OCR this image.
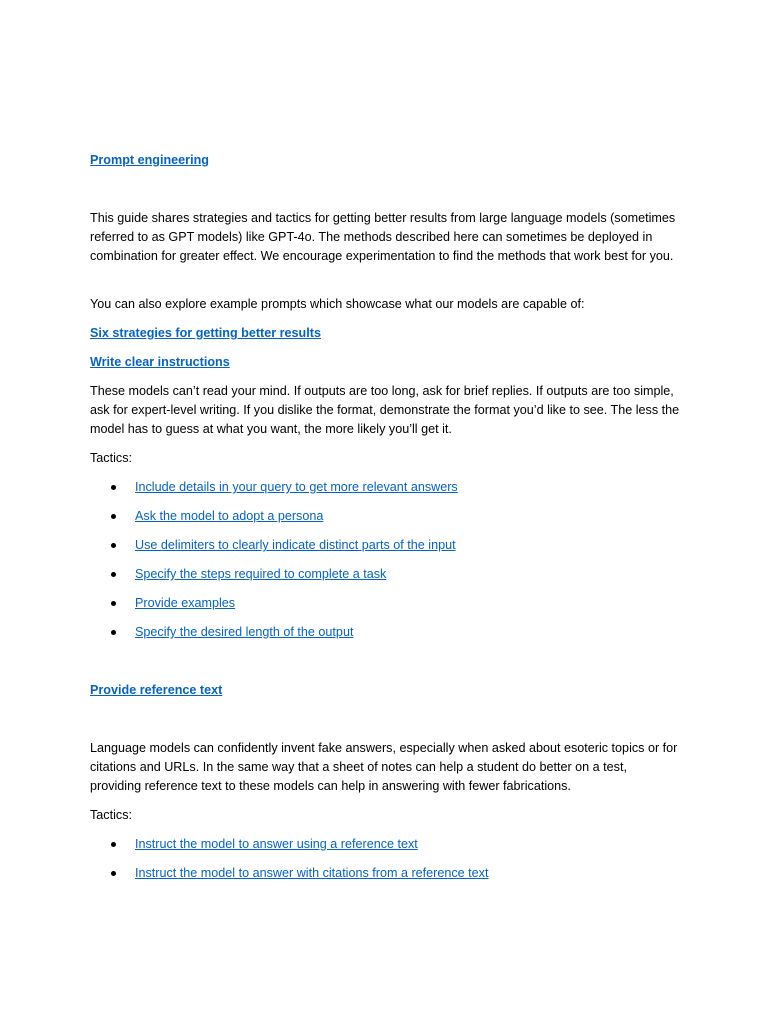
Prompt engineering

This guide shares strategies and tactics for getting better results from large language models (sometimes referred to as GPT models) like GPT-4o. The methods described here can sometimes be deployed in combination for greater effect. We encourage experimentation to find the methods that work best for you.

You can also explore example prompts which showcase what our models are capable of:

Six strategies for getting better results
Write clear instructions

These models can’t read your mind. If outputs are too long, ask for brief replies. If outputs are too simple, ask for expert-level writing. If you dislike the format, demonstrate the format you’d like to see. The less the model has to guess at what you want, the more likely you’ll get it.

Tactics:

Include details in your query to get more relevant answers
Ask the model to adopt a persona
Use delimiters to clearly indicate distinct parts of the input
Specify the steps required to complete a task
Provide examples
Specify the desired length of the output
Provide reference text

Language models can confidently invent fake answers, especially when asked about esoteric topics or for citations and URLs. In the same way that a sheet of notes can help a student do better on a test, providing reference text to these models can help in answering with fewer fabrications.

Tactics:

Instruct the model to answer using a reference text
Instruct the model to answer with citations from a reference text
